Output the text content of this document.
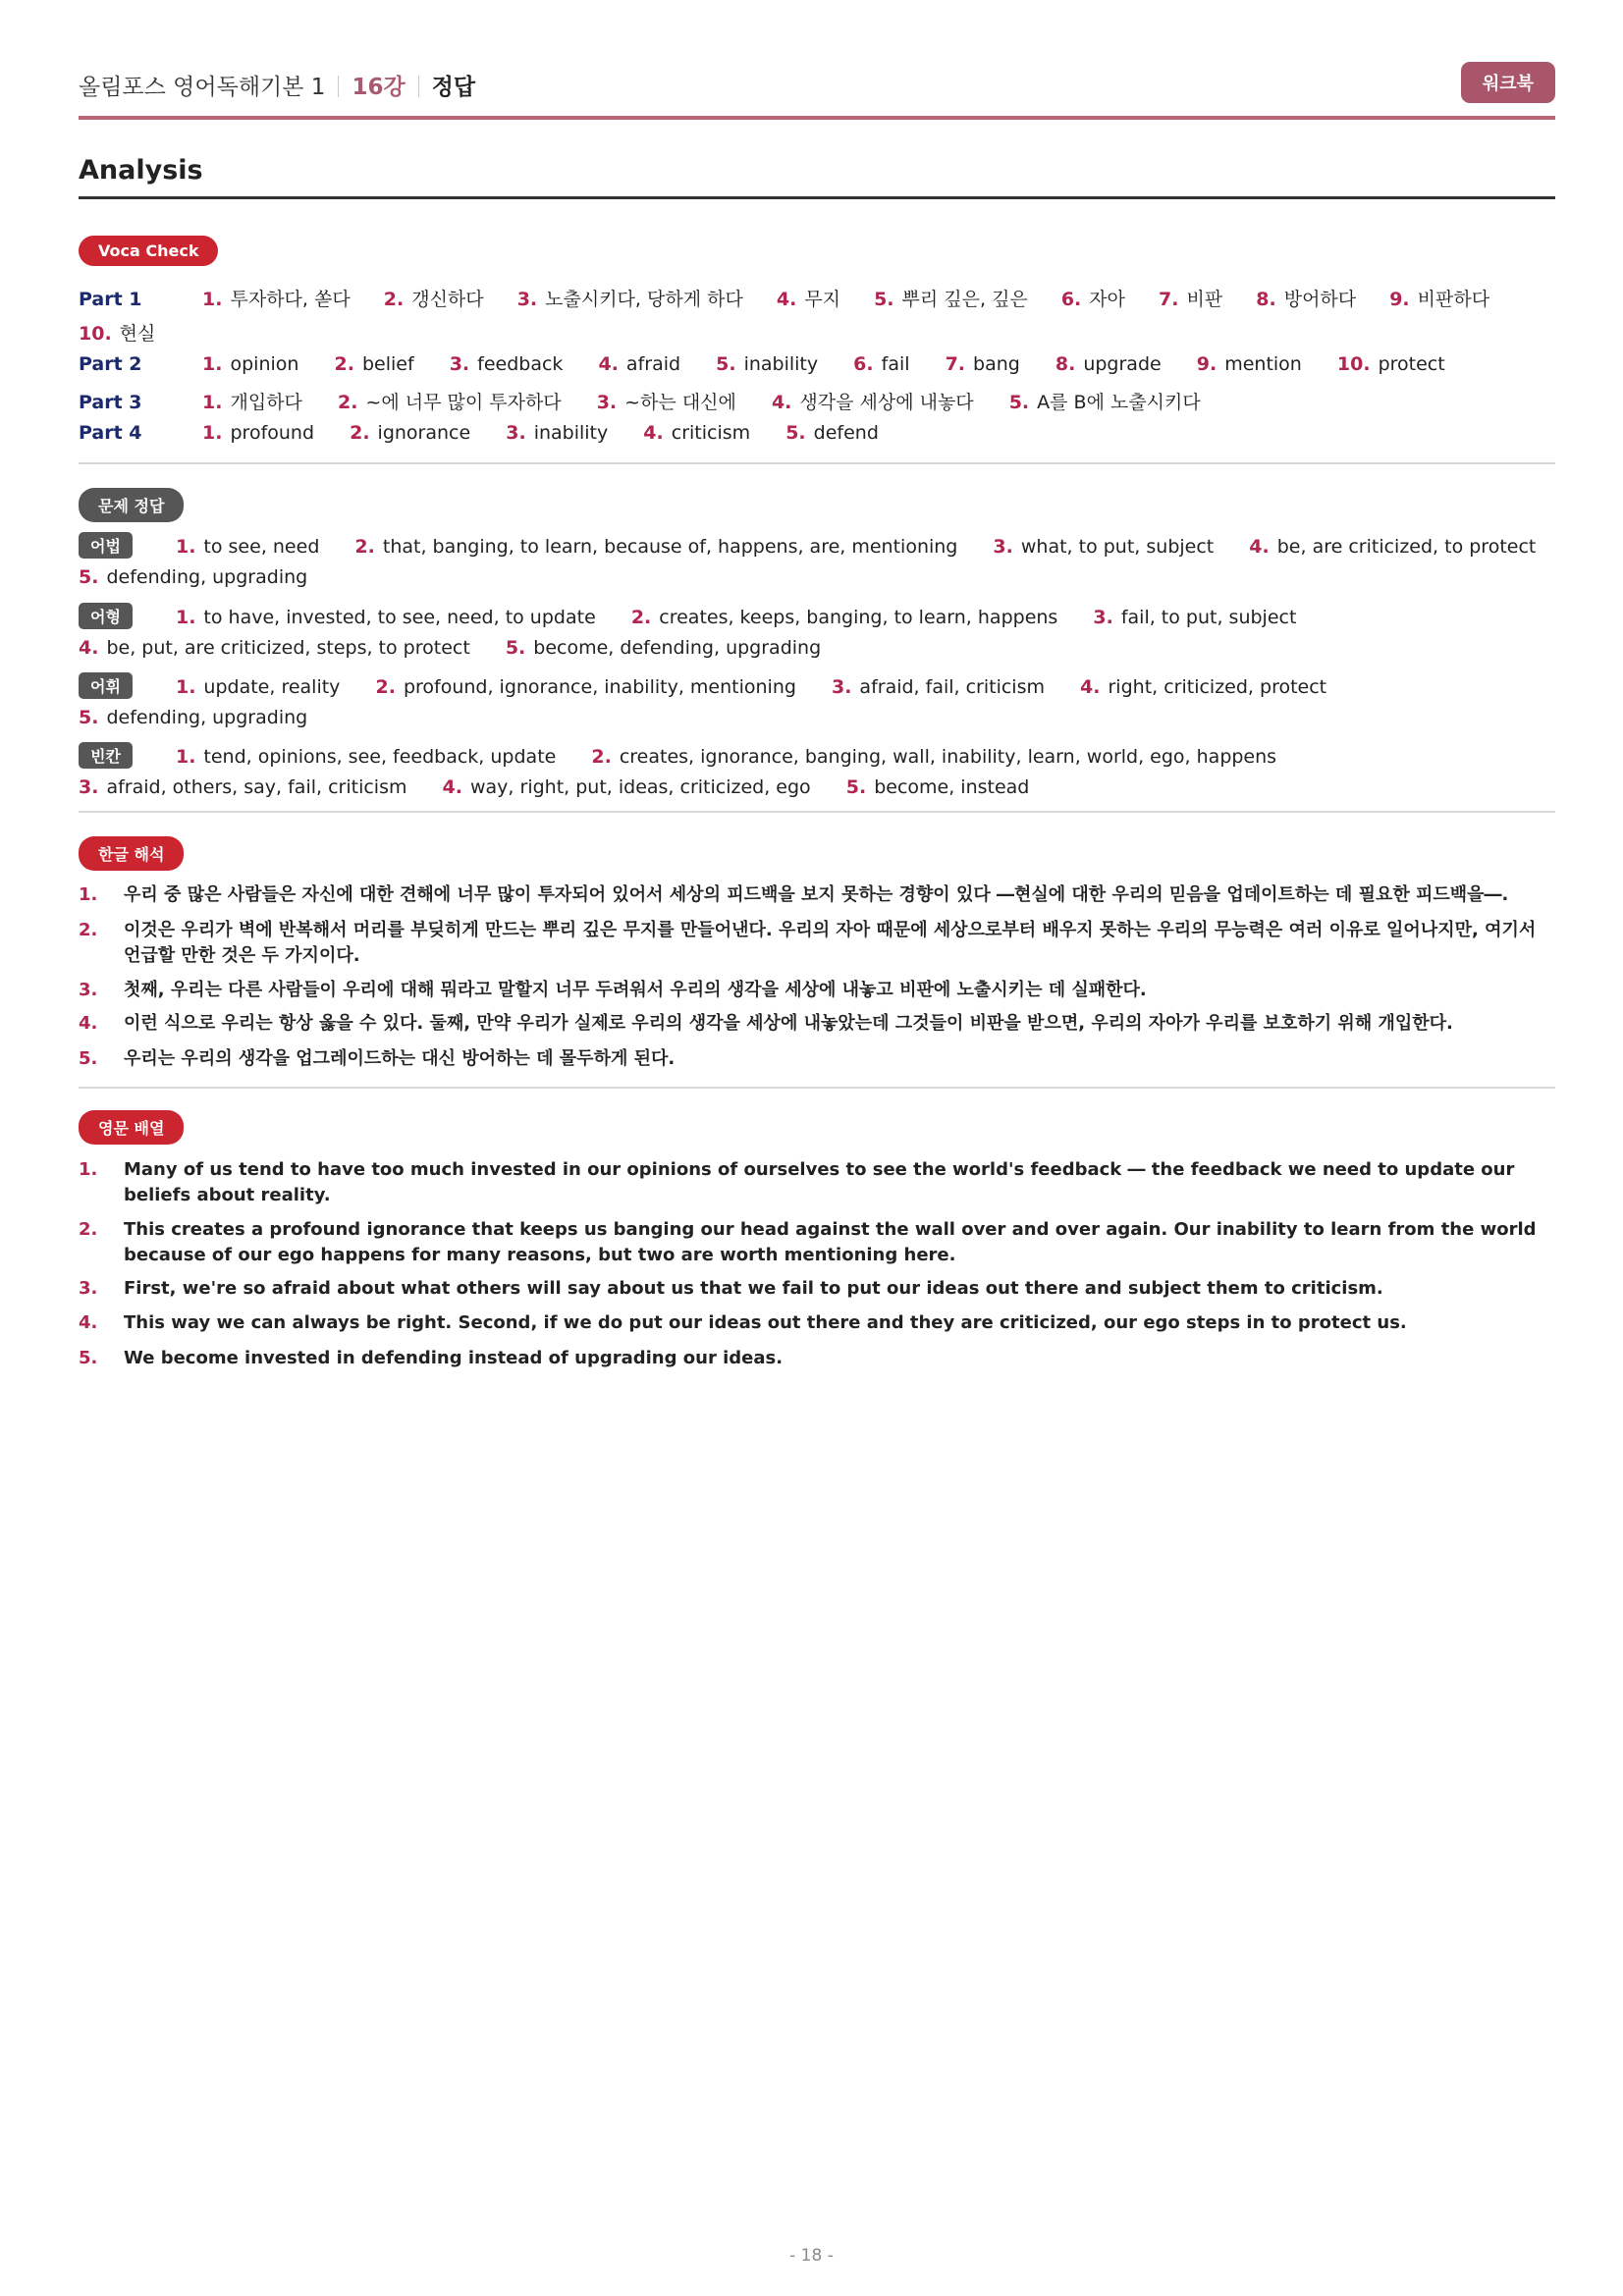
올림포스 영어독해기본 1 16강 정답	워크북
Analysis
Voca Check
Part 1	1. 투자하다, 쏟다 2. 갱신하다 3. 노출시키다, 당하게 하다 4. 무지 5. 뿌리 깊은, 깊은 6. 자아 7. 비판 8. 방어하다 9. 비판하다
10. 현실
Part 2	1. opinion 2. belief 3. feedback 4. afraid 5. inability 6. fail 7. bang 8. upgrade 9. mention 10. protect
Part 3	1. 개입하다 2. ~에 너무 많이 투자하다 3. ~하는 대신에 4. 생각을 세상에 내놓다 5. A를 B에 노출시키다
Part 4	1. profound 2. ignorance 3. inability 4. criticism 5. defend
문제 정답
어법	1. to see, need 2. that, banging, to learn, because of, happens, are, mentioning 3. what, to put, subject 4. be, are criticized, to protect
5. defending, upgrading
어형	1. to have, invested, to see, need, to update 2. creates, keeps, banging, to learn, happens 3. fail, to put, subject
4. be, put, are criticized, steps, to protect 5. become, defending, upgrading
어휘	1. update, reality 2. profound, ignorance, inability, mentioning 3. afraid, fail, criticism 4. right, criticized, protect
5. defending, upgrading
빈칸	1. tend, opinions, see, feedback, update 2. creates, ignorance, banging, wall, inability, learn, world, ego, happens
3. afraid, others, say, fail, criticism 4. way, right, put, ideas, criticized, ego 5. become, instead
한글 해석
1. 우리 중 많은 사람들은 자신에 대한 견해에 너무 많이 투자되어 있어서 세상의 피드백을 보지 못하는 경향이 있다 ―현실에 대한 우리의 믿음을 업데이트하는 데 필요한 피드백을―.
2. 이것은 우리가 벽에 반복해서 머리를 부딪히게 만드는 뿌리 깊은 무지를 만들어낸다. 우리의 자아 때문에 세상으로부터 배우지 못하는 우리의 무능력은 여러 이유로 일어나지만, 여기서 언급할 만한 것은 두 가지이다.
3. 첫째, 우리는 다른 사람들이 우리에 대해 뭐라고 말할지 너무 두려워서 우리의 생각을 세상에 내놓고 비판에 노출시키는 데 실패한다.
4. 이런 식으로 우리는 항상 옳을 수 있다. 둘째, 만약 우리가 실제로 우리의 생각을 세상에 내놓았는데 그것들이 비판을 받으면, 우리의 자아가 우리를 보호하기 위해 개입한다.
5. 우리는 우리의 생각을 업그레이드하는 대신 방어하는 데 몰두하게 된다.
영문 배열
1. Many of us tend to have too much invested in our opinions of ourselves to see the world's feedback ― the feedback we need to update our beliefs about reality.
2. This creates a profound ignorance that keeps us banging our head against the wall over and over again. Our inability to learn from the world because of our ego happens for many reasons, but two are worth mentioning here.
3. First, we're so afraid about what others will say about us that we fail to put our ideas out there and subject them to criticism.
4. This way we can always be right. Second, if we do put our ideas out there and they are criticized, our ego steps in to protect us.
5. We become invested in defending instead of upgrading our ideas.
- 18 -
